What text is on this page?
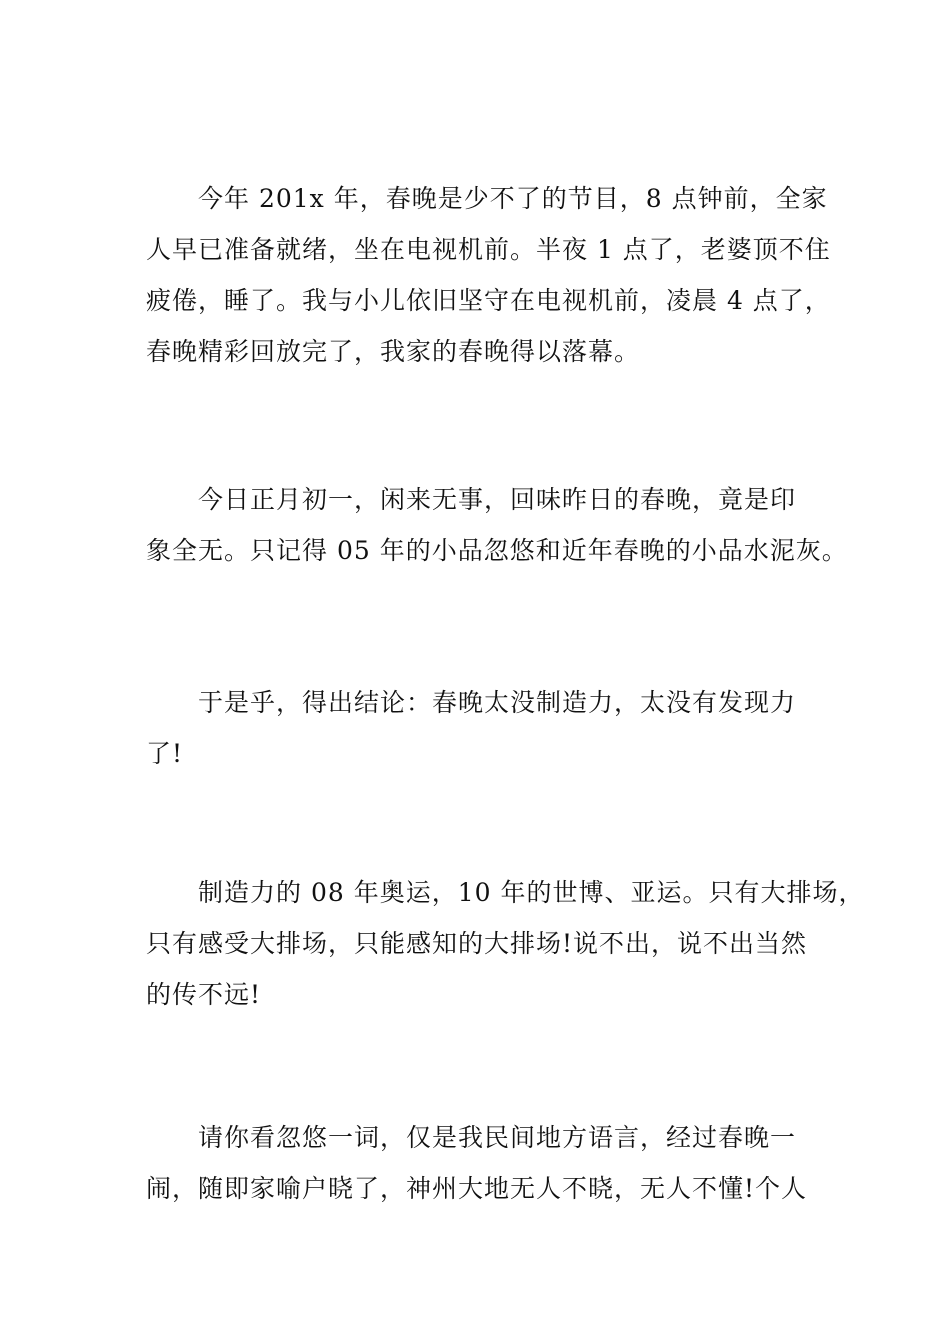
今年 201x 年，春晚是少不了的节目，8 点钟前，全家
人早已准备就绪，坐在电视机前。半夜 1 点了，老婆顶不住
疲倦，睡了。我与小儿依旧坚守在电视机前，凌晨 4 点了，
春晚精彩回放完了，我家的春晚得以落幕。

今日正月初一，闲来无事，回味昨日的春晚，竟是印
象全无。只记得 05 年的小品忽悠和近年春晚的小品水泥灰。

于是乎，得出结论：春晚太没制造力，太没有发现力
了!

制造力的 08 年奥运，10 年的世博、亚运。只有大排场，
只有感受大排场，只能感知的大排场!说不出，说不出当然
的传不远!

请你看忽悠一词，仅是我民间地方语言，经过春晚一
闹，随即家喻户晓了，神州大地无人不晓，无人不懂!个人
